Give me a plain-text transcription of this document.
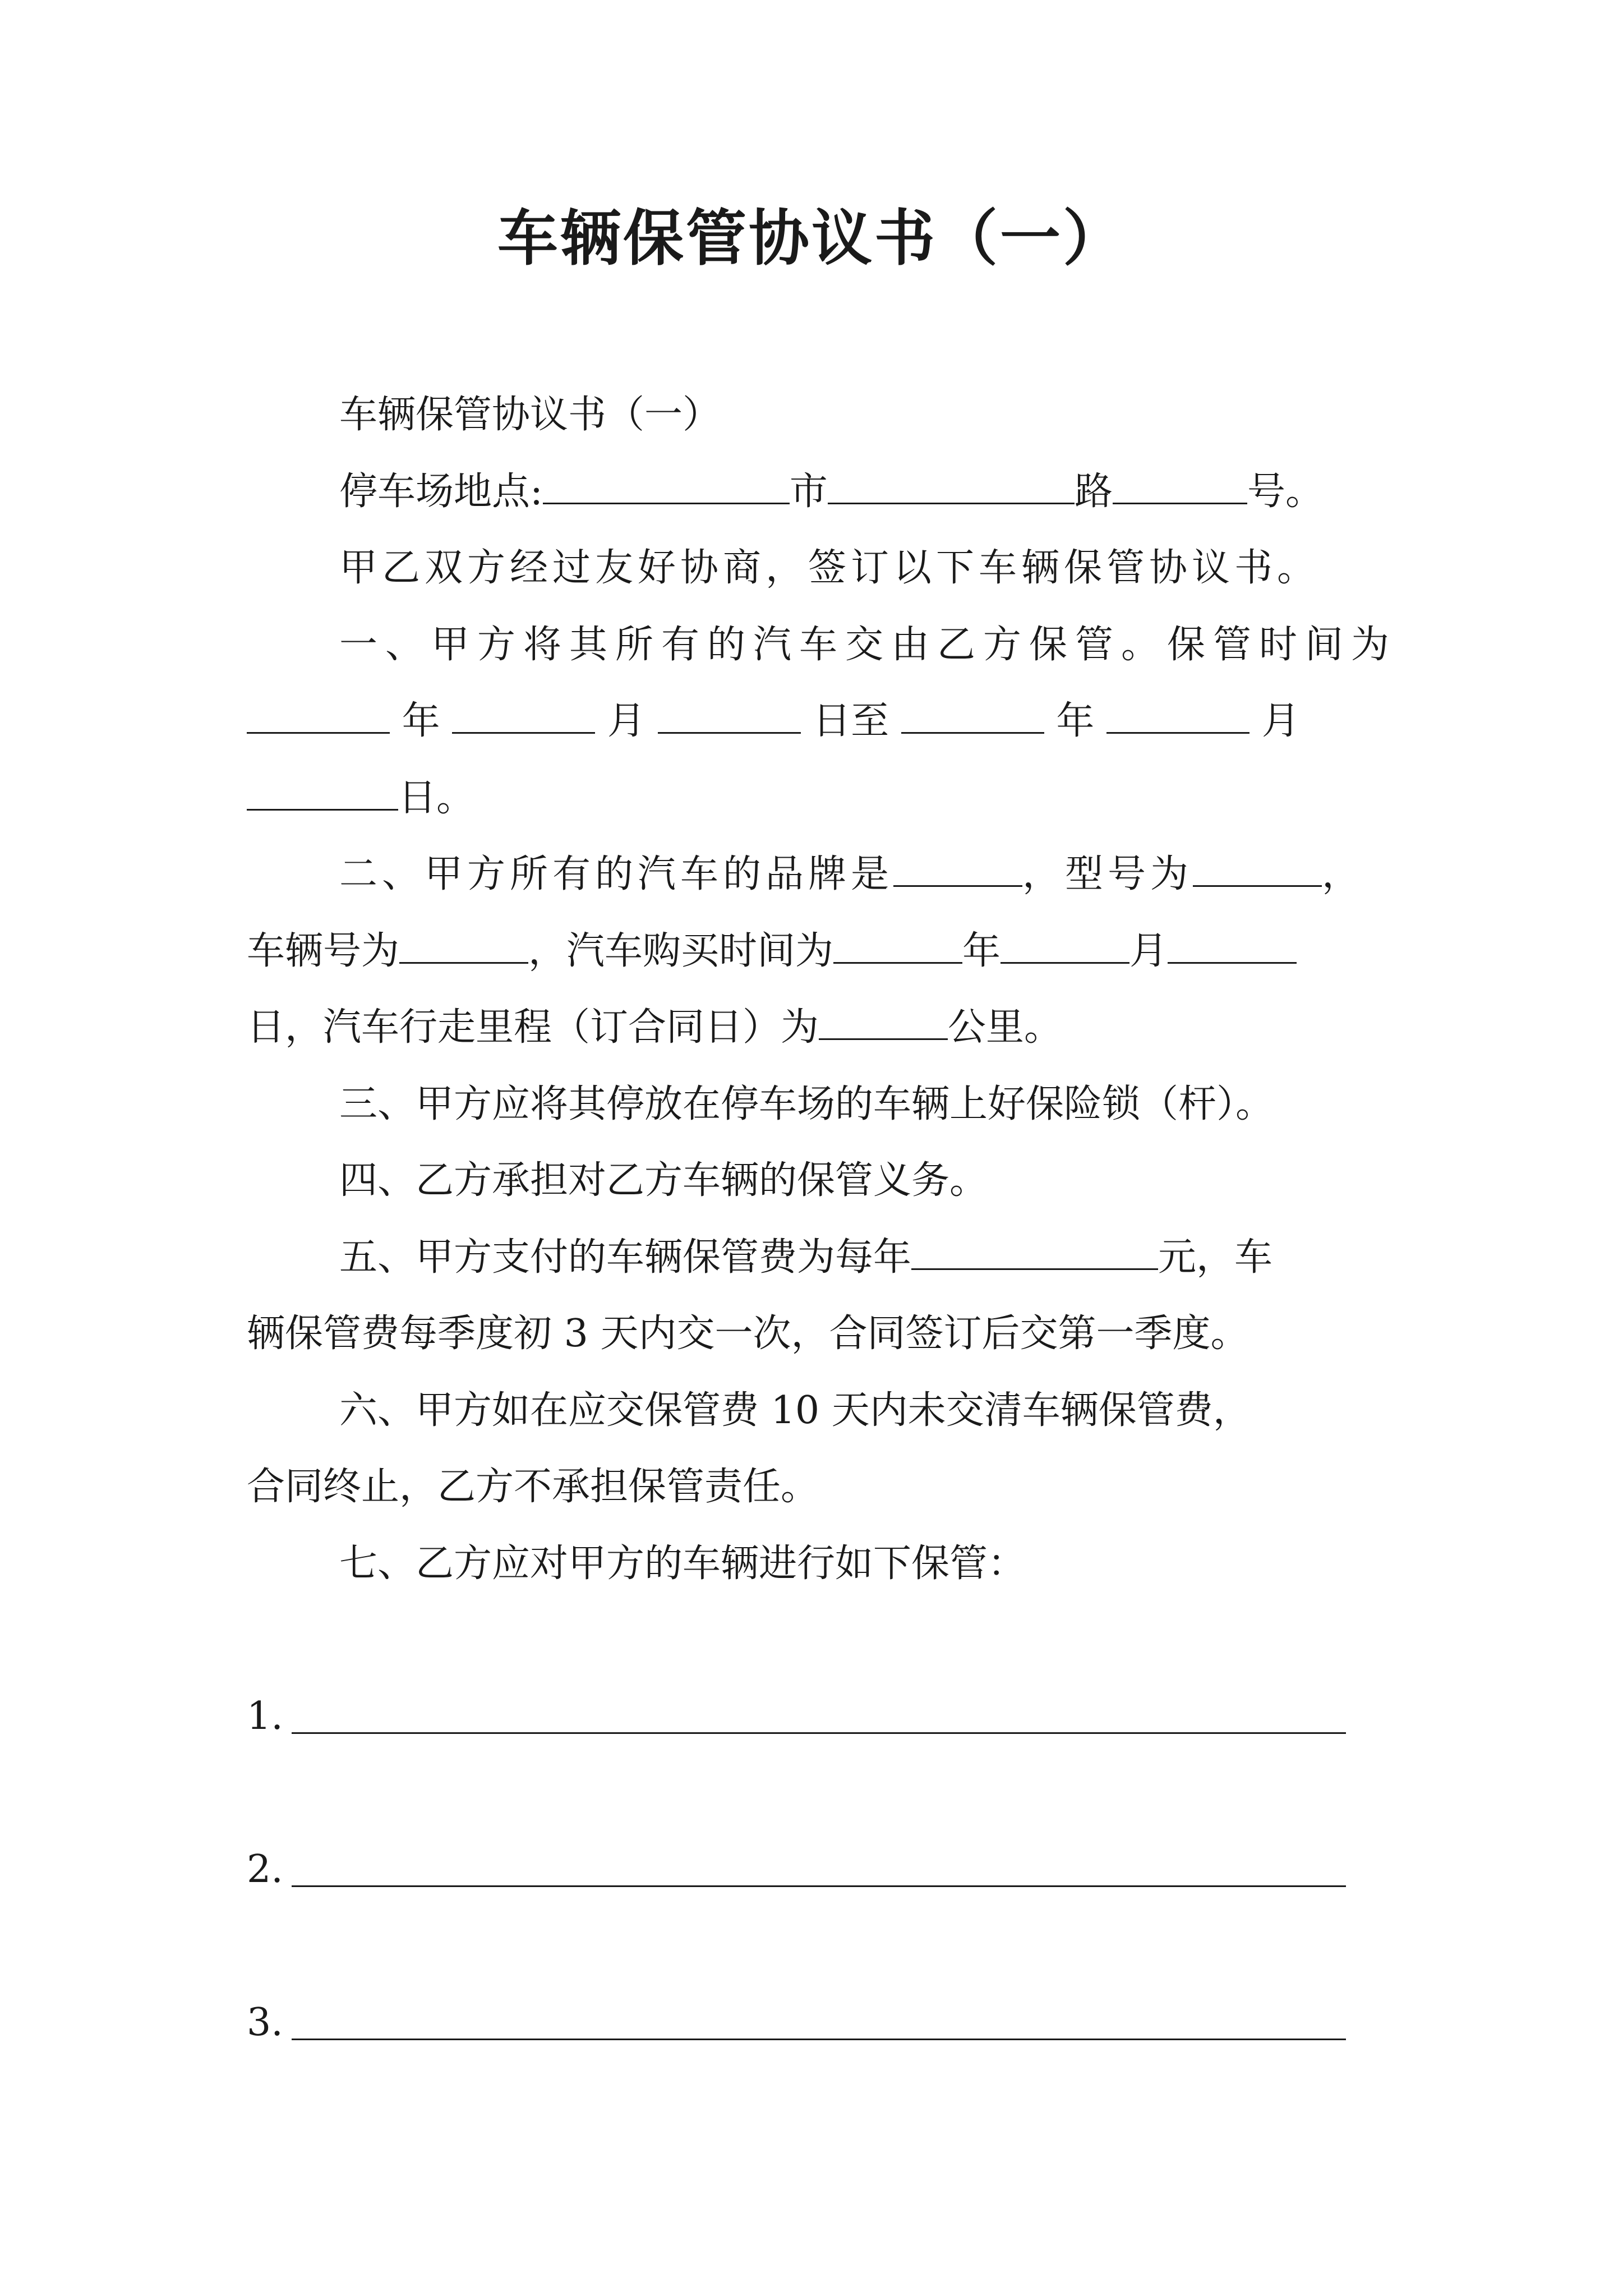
车辆保管协议书（一）

车辆保管协议书（一）

停车场地点:	市	路	号。

甲乙双方经过友好协商，签订以下车辆保管协议书。

一、甲方将其所有的汽车交由乙方保管。保管时间为

年	月	日至	年	月

日。

二、甲方所有的汽车的品牌是	，型号为	，

车辆号为	，汽车购买时间为	年	月

日，汽车行走里程（订合同日）为	公里。

三、甲方应将其停放在停车场的车辆上好保险锁（杆）。

四、乙方承担对乙方车辆的保管义务。

五、甲方支付的车辆保管费为每年	元，车

辆保管费每季度初 3 天内交一次，合同签订后交第一季度。

六、甲方如在应交保管费 10 天内未交清车辆保管费，

合同终止，乙方不承担保管责任。

七、乙方应对甲方的车辆进行如下保管：

1.
2.
3.
